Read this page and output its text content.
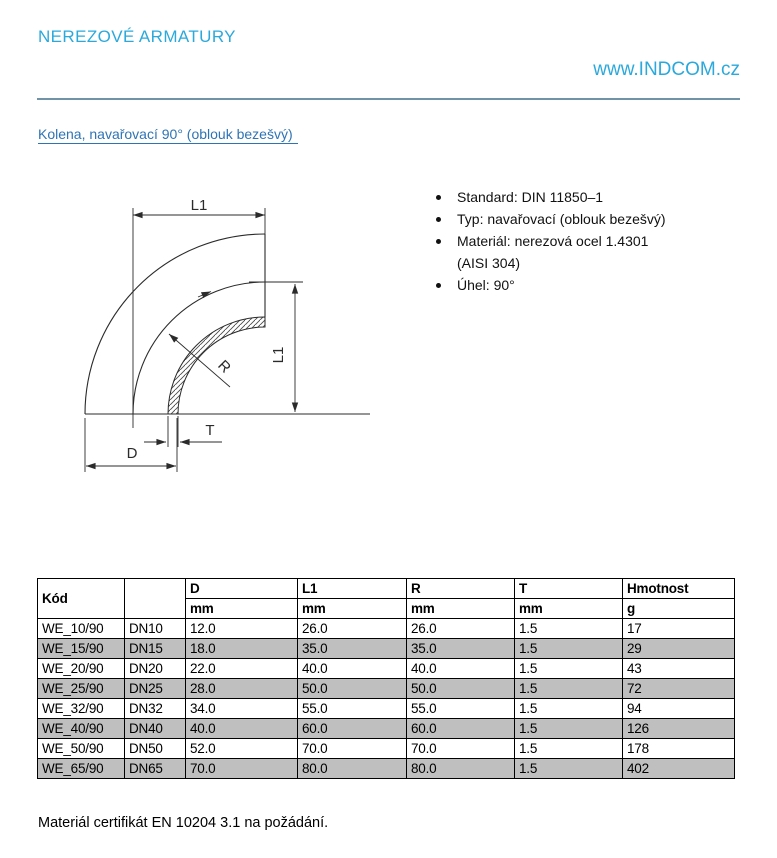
NEREZOVÉ ARMATURY
www.INDCOM.cz
Kolena, navařovací 90° (oblouk bezešvý)
Standard: DIN 11850–1
Typ: navařovací (oblouk bezešvý)
Materiál: nerezová ocel 1.4301
(AISI 304)
Úhel: 90°
L1
L1
R
T
D
Kód		D	L1	R	T	Hmotnost
		mm	mm	mm	mm	g
WE_10/90	DN10	12.0	26.0	26.0	1.5	17
WE_15/90	DN15	18.0	35.0	35.0	1.5	29
WE_20/90	DN20	22.0	40.0	40.0	1.5	43
WE_25/90	DN25	28.0	50.0	50.0	1.5	72
WE_32/90	DN32	34.0	55.0	55.0	1.5	94
WE_40/90	DN40	40.0	60.0	60.0	1.5	126
WE_50/90	DN50	52.0	70.0	70.0	1.5	178
WE_65/90	DN65	70.0	80.0	80.0	1.5	402
Materiál certifikát EN 10204 3.1 na požádání.
